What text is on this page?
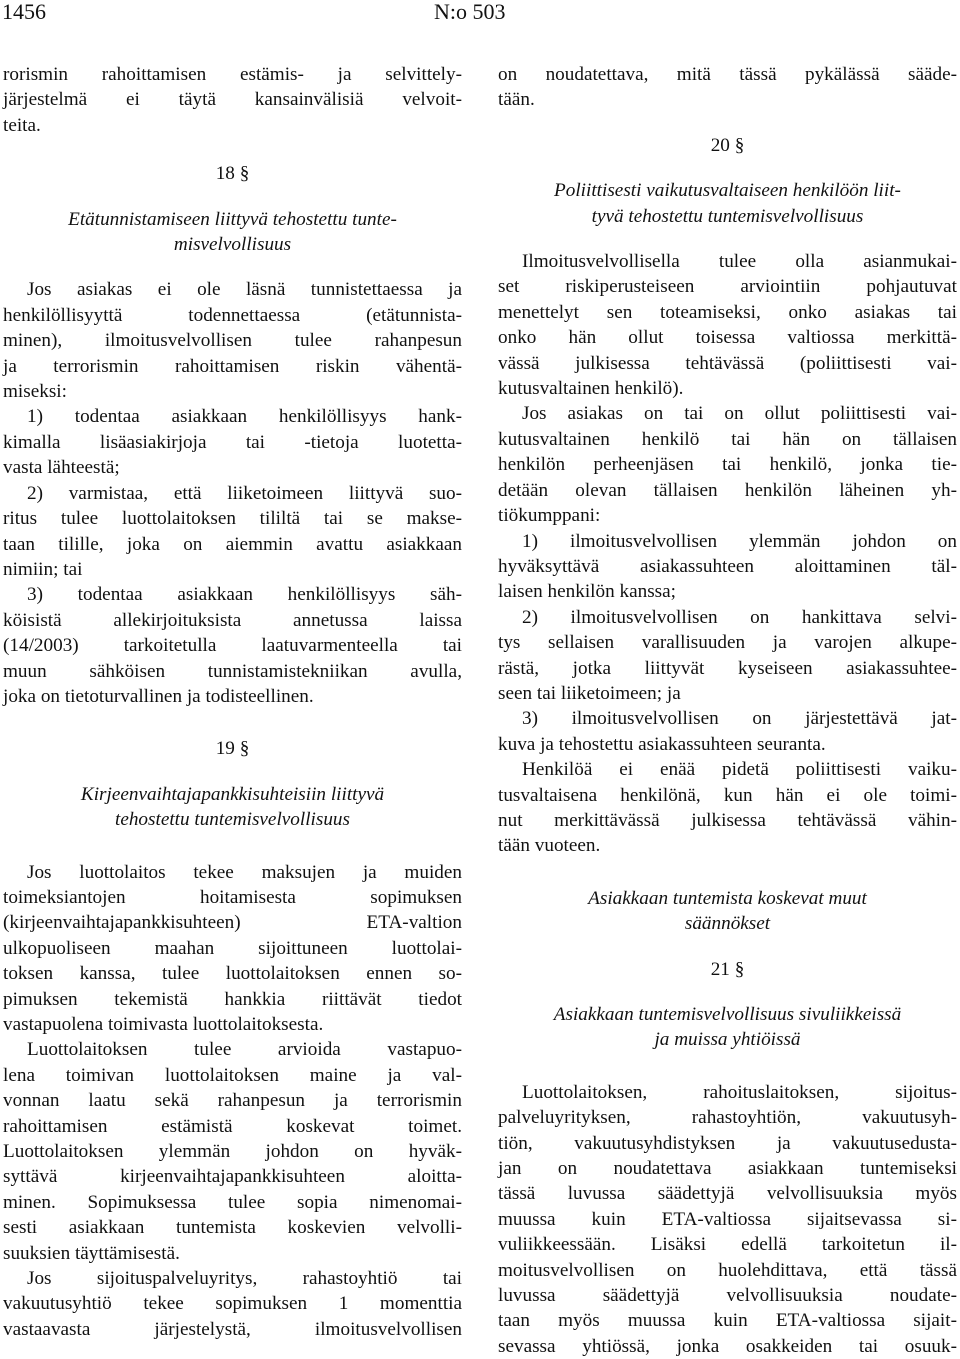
1456	N:o 503

rorismin rahoittamisen estämis- ja selvittely-

järjestelmä ei täytä kansainvälisiä velvoit-

teita.

18 §

Etätunnistamiseen liittyvä tehostettu tunte-

misvelvollisuus

Jos asiakas ei ole läsnä tunnistettaessa ja

henkilöllisyyttä todennettaessa (etätunnista-

minen), ilmoitusvelvollisen tulee rahanpesun

ja terrorismin rahoittamisen riskin vähentä-

miseksi:

1) todentaa asiakkaan henkilöllisyys hank-

kimalla lisäasiakirjoja tai -tietoja luotetta-

vasta lähteestä;

2) varmistaa, että liiketoimeen liittyvä suo-

ritus tulee luottolaitoksen tililtä tai se makse-

taan tilille, joka on aiemmin avattu asiakkaan

nimiin; tai

3) todentaa asiakkaan henkilöllisyys säh-

köisistä allekirjoituksista annetussa laissa

(14/2003) tarkoitetulla laatuvarmenteella tai

muun sähköisen tunnistamistekniikan avulla,

joka on tietoturvallinen ja todisteellinen.

19 §

Kirjeenvaihtajapankkisuhteisiin liittyvä

tehostettu tuntemisvelvollisuus

Jos luottolaitos tekee maksujen ja muiden

toimeksiantojen hoitamisesta sopimuksen

(kirjeenvaihtajapankkisuhteen) ETA-valtion

ulkopuoliseen maahan sijoittuneen luottolai-

toksen kanssa, tulee luottolaitoksen ennen so-

pimuksen tekemistä hankkia riittävät tiedot

vastapuolena toimivasta luottolaitoksesta.

Luottolaitoksen tulee arvioida vastapuo-

lena toimivan luottolaitoksen maine ja val-

vonnan laatu sekä rahanpesun ja terrorismin

rahoittamisen estämistä koskevat toimet.

Luottolaitoksen ylemmän johdon on hyväk-

syttävä kirjeenvaihtajapankkisuhteen aloitta-

minen. Sopimuksessa tulee sopia nimenomai-

sesti asiakkaan tuntemista koskevien velvolli-

suuksien täyttämisestä.

Jos sijoituspalveluyritys, rahastoyhtiö tai

vakuutusyhtiö tekee sopimuksen 1 momenttia

vastaavasta järjestelystä, ilmoitusvelvollisen

on noudatettava, mitä tässä pykälässä sääde-

tään.

20 §

Poliittisesti vaikutusvaltaiseen henkilöön liit-

tyvä tehostettu tuntemisvelvollisuus

Ilmoitusvelvollisella tulee olla asianmukai-

set riskiperusteiseen arviointiin pohjautuvat

menettelyt sen toteamiseksi, onko asiakas tai

onko hän ollut toisessa valtiossa merkittä-

vässä julkisessa tehtävässä (poliittisesti vai-

kutusvaltainen henkilö).

Jos asiakas on tai on ollut poliittisesti vai-

kutusvaltainen henkilö tai hän on tällaisen

henkilön perheenjäsen tai henkilö, jonka tie-

detään olevan tällaisen henkilön läheinen yh-

tiökumppani:

1) ilmoitusvelvollisen ylemmän johdon on

hyväksyttävä asiakassuhteen aloittaminen täl-

laisen henkilön kanssa;

2) ilmoitusvelvollisen on hankittava selvi-

tys sellaisen varallisuuden ja varojen alkupe-

rästä, jotka liittyvät kyseiseen asiakassuhtee-

seen tai liiketoimeen; ja

3) ilmoitusvelvollisen on järjestettävä jat-

kuva ja tehostettu asiakassuhteen seuranta.

Henkilöä ei enää pidetä poliittisesti vaiku-

tusvaltaisena henkilönä, kun hän ei ole toimi-

nut merkittävässä julkisessa tehtävässä vähin-

tään vuoteen.

Asiakkaan tuntemista koskevat muut

säännökset

21 §

Asiakkaan tuntemisvelvollisuus sivuliikkeissä

ja muissa yhtiöissä

Luottolaitoksen, rahoituslaitoksen, sijoitus-

palveluyrityksen, rahastoyhtiön, vakuutusyh-

tiön, vakuutusyhdistyksen ja vakuutusedusta-

jan on noudatettava asiakkaan tuntemiseksi

tässä luvussa säädettyjä velvollisuuksia myös

muussa kuin ETA-valtiossa sijaitsevassa si-

vuliikkeessään. Lisäksi edellä tarkoitetun il-

moitusvelvollisen on huolehdittava, että tässä

luvussa säädettyjä velvollisuuksia noudate-

taan myös muussa kuin ETA-valtiossa sijait-

sevassa yhtiössä, jonka osakkeiden tai osuuk-
